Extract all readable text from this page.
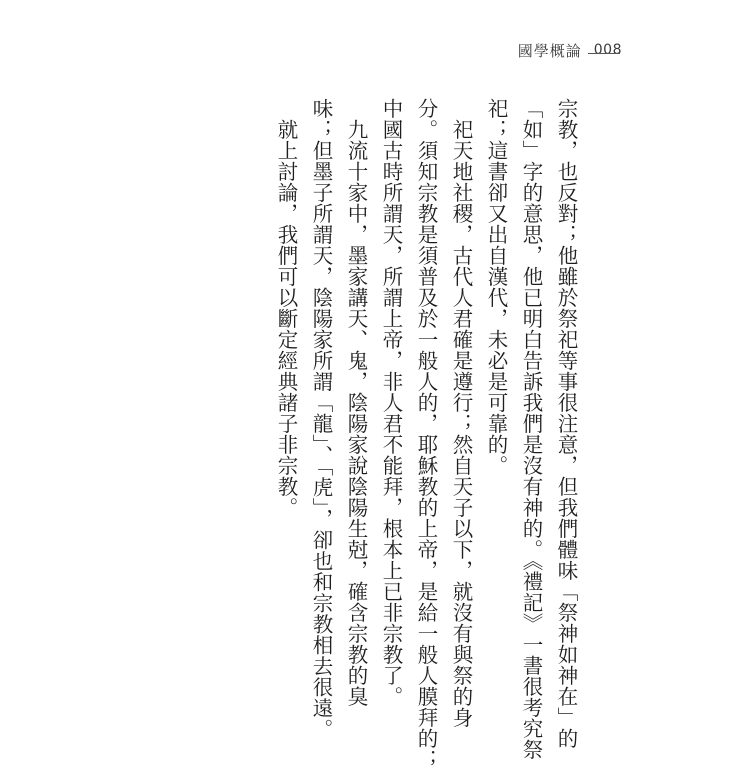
國學概論 008
宗教，也反對；他雖於祭祀等事很注意，但我們體味「祭神如神在」的
「如」字的意思，他已明白告訴我們是沒有神的。《禮記》一書很考究祭
祀；這書卻又出自漢代，未必是可靠的。
　祀天地社稷，古代人君確是遵行；然自天子以下，就沒有與祭的身
分。須知宗教是須普及於一般人的，耶穌教的上帝，是給一般人膜拜的；
中國古時所謂天，所謂上帝，非人君不能拜，根本上已非宗教了。
　九流十家中，墨家講天、鬼，陰陽家說陰陽生尅，確含宗教的臭
味；但墨子所謂天，陰陽家所謂「龍」、「虎」，卻也和宗教相去很遠。
　就上討論，我們可以斷定經典諸子非宗教。
